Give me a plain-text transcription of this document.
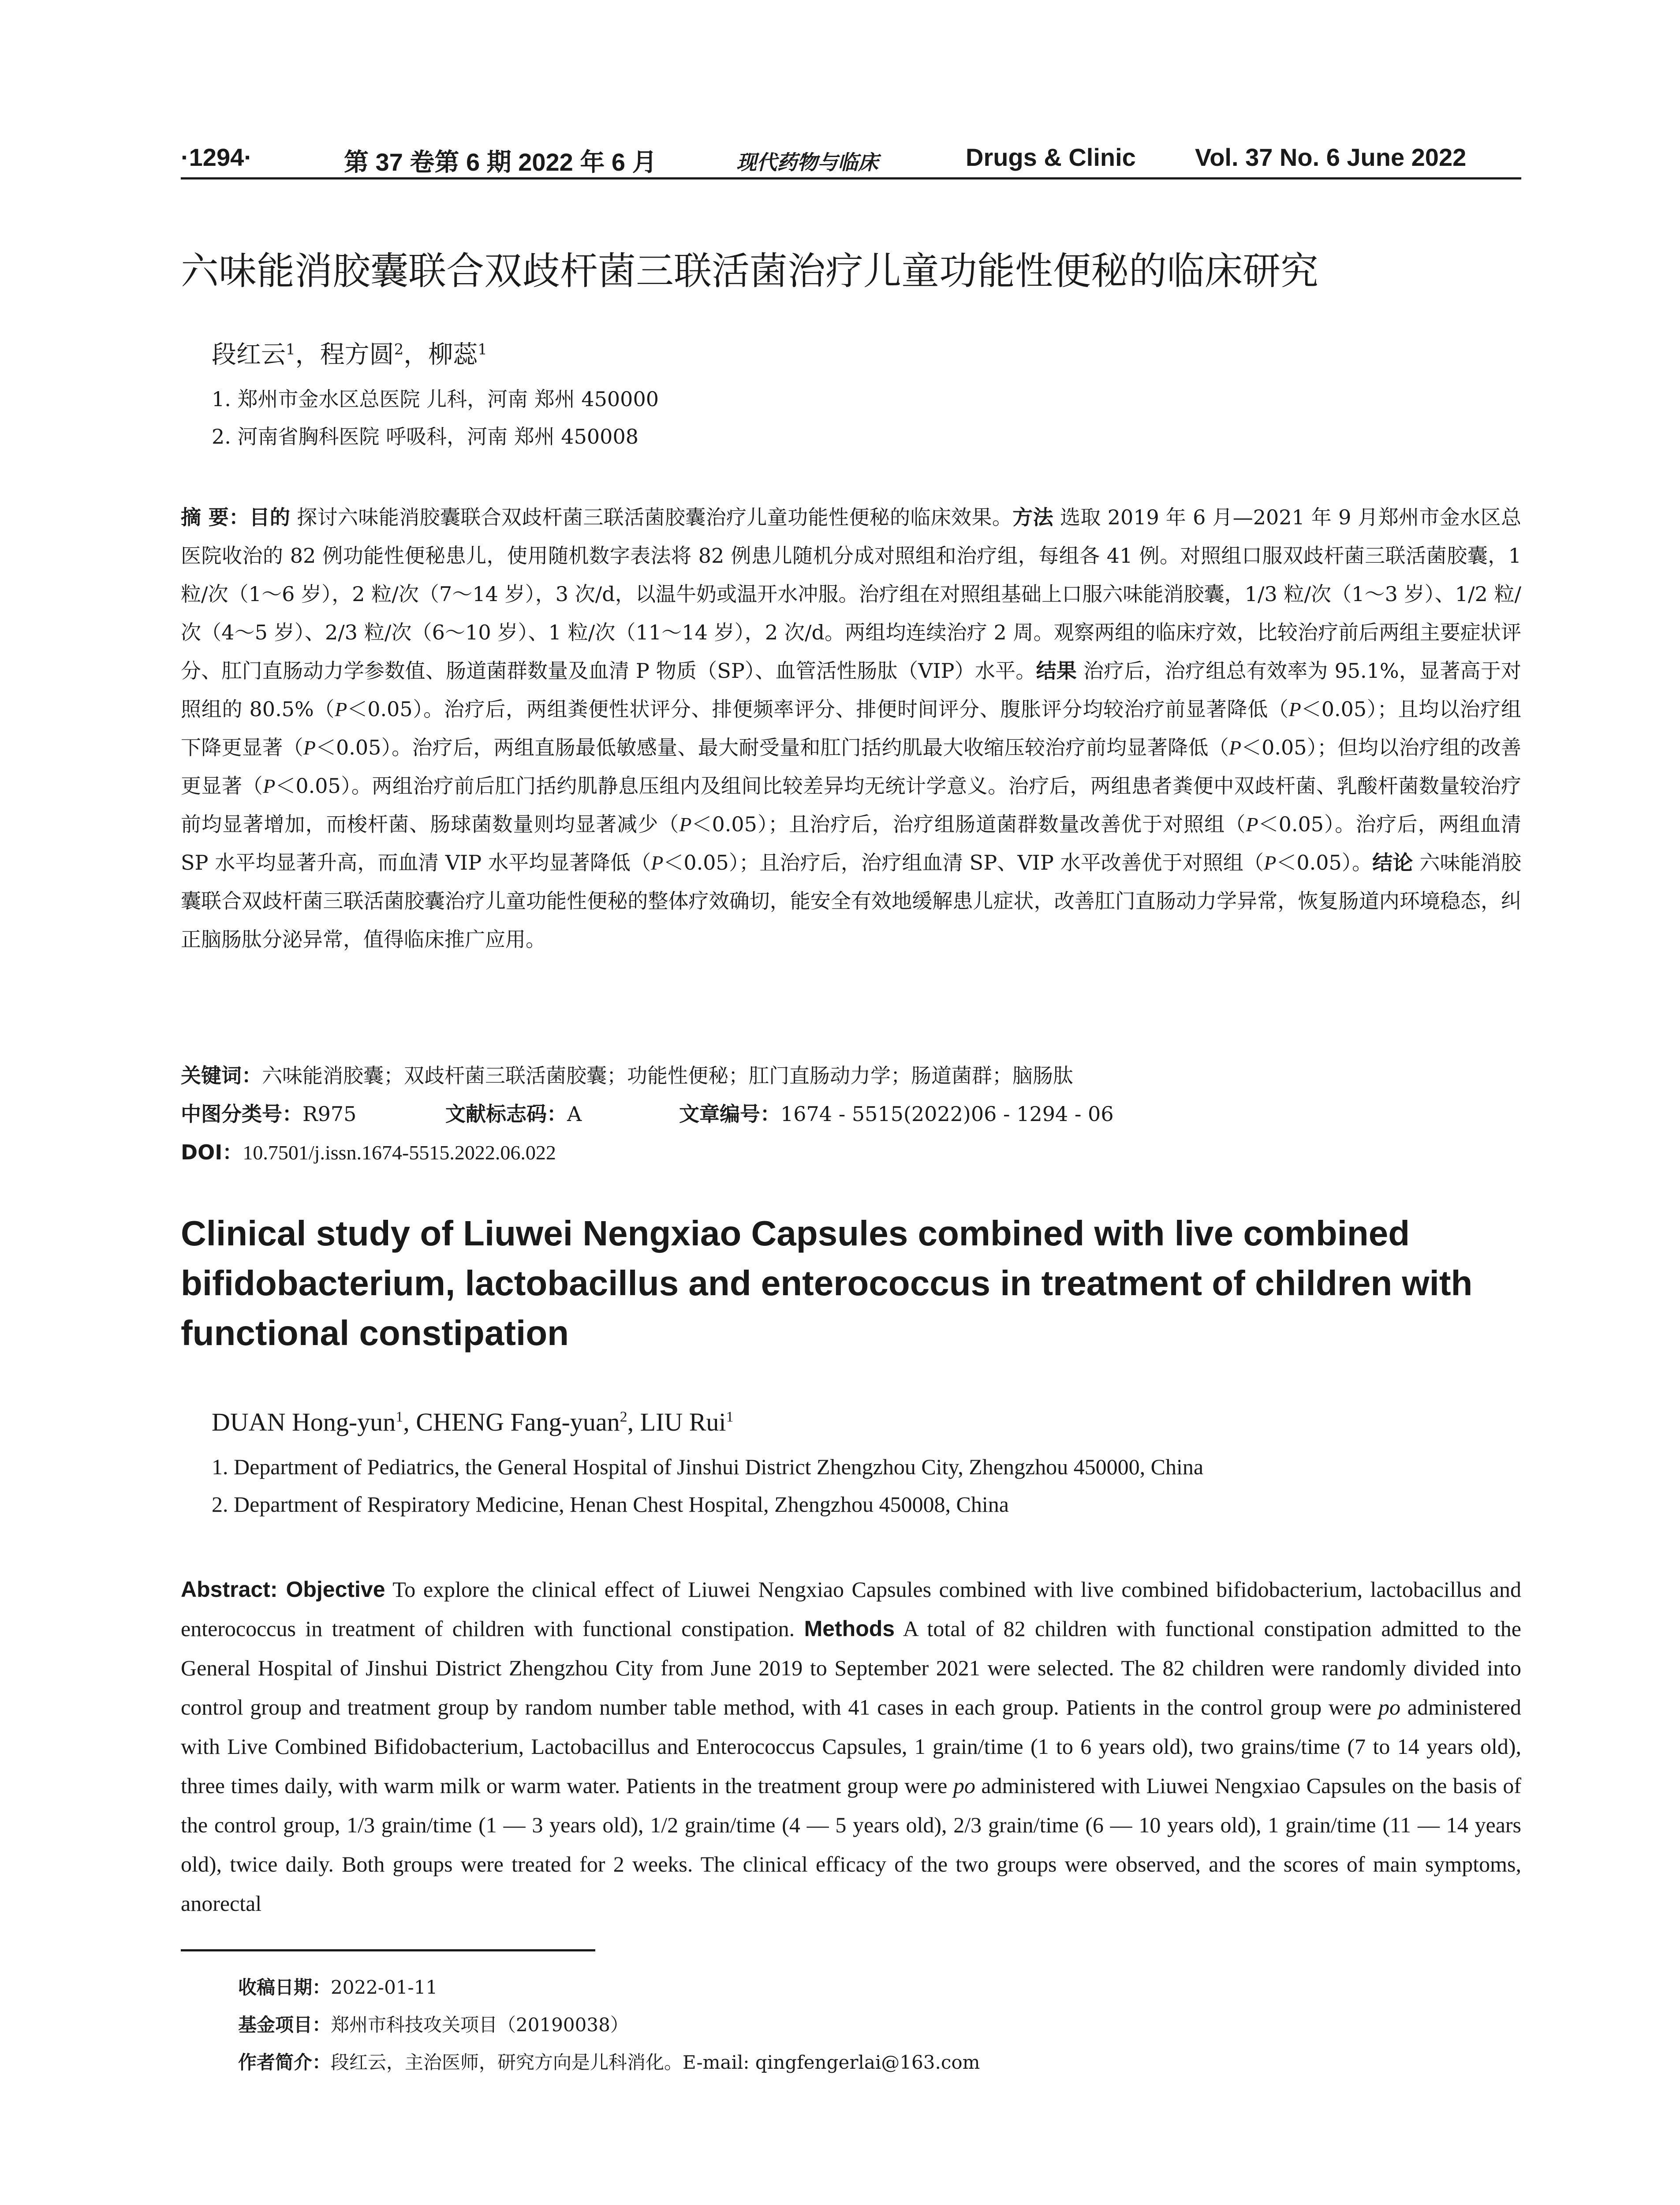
·1294·	第 37 卷第 6 期 2022 年 6 月	现代药物与临床	Drugs & Clinic Vol. 37 No. 6 June 2022
六味能消胶囊联合双歧杆菌三联活菌治疗儿童功能性便秘的临床研究
段红云$^1$，程方圆$^2$，柳蕊$^1$
1. 郑州市金水区总医院 儿科，河南 郑州 450000
2. 河南省胸科医院 呼吸科，河南 郑州 450008
摘 要：目的 探讨六味能消胶囊联合双歧杆菌三联活菌胶囊治疗儿童功能性便秘的临床效果。方法 选取 2019 年 6 月—2021 年 9 月郑州市金水区总医院收治的 82 例功能性便秘患儿，使用随机数字表法将 82 例患儿随机分成对照组和治疗组，每组各 41 例。对照组口服双歧杆菌三联活菌胶囊，1 粒/次（1～6 岁），2 粒/次（7～14 岁），3 次/d，以温牛奶或温开水冲服。治疗组在对照组基础上口服六味能消胶囊，1/3 粒/次（1～3 岁）、1/2 粒/次（4～5 岁）、2/3 粒/次（6～10 岁）、1 粒/次（11～14 岁），2 次/d。两组均连续治疗 2 周。观察两组的临床疗效，比较治疗前后两组主要症状评分、肛门直肠动力学参数值、肠道菌群数量及血清 P 物质（SP）、血管活性肠肽（VIP）水平。结果 治疗后，治疗组总有效率为 95.1%，显著高于对照组的 80.5%（P＜0.05）。治疗后，两组粪便性状评分、排便频率评分、排便时间评分、腹胀评分均较治疗前显著降低（P＜0.05）；且均以治疗组下降更显著（P＜0.05）。治疗后，两组直肠最低敏感量、最大耐受量和肛门括约肌最大收缩压较治疗前均显著降低（P＜0.05）；但均以治疗组的改善更显著（P＜0.05）。两组治疗前后肛门括约肌静息压组内及组间比较差异均无统计学意义。治疗后，两组患者粪便中双歧杆菌、乳酸杆菌数量较治疗前均显著增加，而梭杆菌、肠球菌数量则均显著减少（P＜0.05）；且治疗后，治疗组肠道菌群数量改善优于对照组（P＜0.05）。治疗后，两组血清 SP 水平均显著升高，而血清 VIP 水平均显著降低（P＜0.05）；且治疗后，治疗组血清 SP、VIP 水平改善优于对照组（P＜0.05）。结论 六味能消胶囊联合双歧杆菌三联活菌胶囊治疗儿童功能性便秘的整体疗效确切，能安全有效地缓解患儿症状，改善肛门直肠动力学异常，恢复肠道内环境稳态，纠正脑肠肽分泌异常，值得临床推广应用。
关键词：六味能消胶囊；双歧杆菌三联活菌胶囊；功能性便秘；肛门直肠动力学；肠道菌群；脑肠肽
中图分类号：R975	文献标志码：A	文章编号：1674 - 5515(2022)06 - 1294 - 06
DOI：10.7501/j.issn.1674-5515.2022.06.022
Clinical study of Liuwei Nengxiao Capsules combined with live combined bifidobacterium, lactobacillus and enterococcus in treatment of children with functional constipation
DUAN Hong-yun$^1$, CHENG Fang-yuan$^2$, LIU Rui$^1$
1. Department of Pediatrics, the General Hospital of Jinshui District Zhengzhou City, Zhengzhou 450000, China
2. Department of Respiratory Medicine, Henan Chest Hospital, Zhengzhou 450008, China
Abstract: Objective To explore the clinical effect of Liuwei Nengxiao Capsules combined with live combined bifidobacterium, lactobacillus and enterococcus in treatment of children with functional constipation. Methods A total of 82 children with functional constipation admitted to the General Hospital of Jinshui District Zhengzhou City from June 2019 to September 2021 were selected. The 82 children were randomly divided into control group and treatment group by random number table method, with 41 cases in each group. Patients in the control group were po administered with Live Combined Bifidobacterium, Lactobacillus and Enterococcus Capsules, 1 grain/time (1 to 6 years old), two grains/time (7 to 14 years old), three times daily, with warm milk or warm water. Patients in the treatment group were po administered with Liuwei Nengxiao Capsules on the basis of the control group, 1/3 grain/time (1 — 3 years old), 1/2 grain/time (4 — 5 years old), 2/3 grain/time (6 — 10 years old), 1 grain/time (11 — 14 years old), twice daily. Both groups were treated for 2 weeks. The clinical efficacy of the two groups were observed, and the scores of main symptoms, anorectal
收稿日期：2022-01-11
基金项目：郑州市科技攻关项目（20190038）
作者简介：段红云，主治医师，研究方向是儿科消化。E-mail: qingfengerlai@163.com
